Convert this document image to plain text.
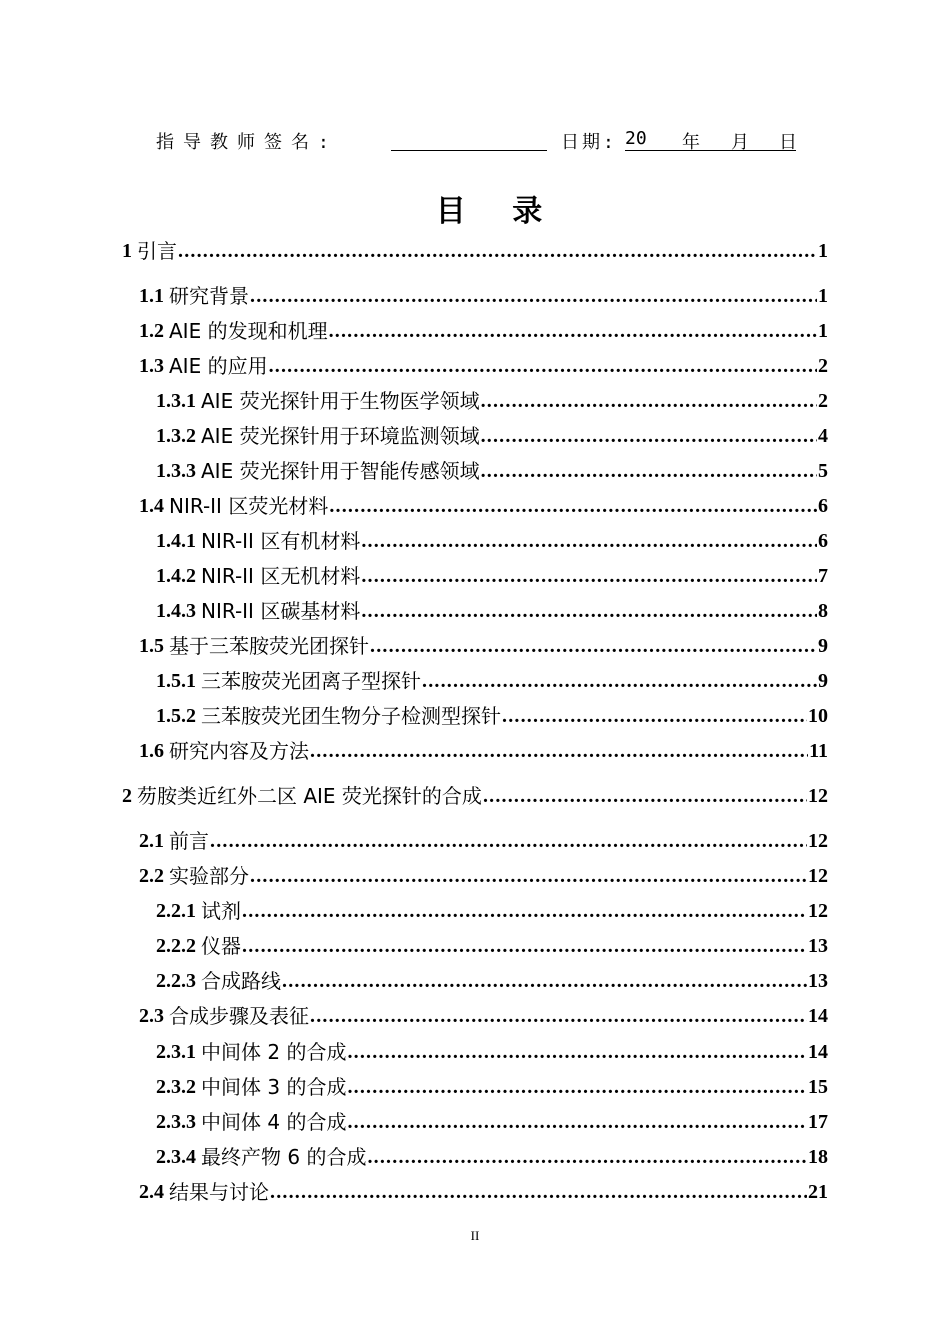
指导教师签名:	日期: 20 年 月 日
目 录
1 引言 .....	1
1.1 研究背景 .....	1
1.2 AIE 的发现和机理 .....	1
1.3 AIE 的应用 .....	2
1.3.1 AIE 荧光探针用于生物医学领域 .....	2
1.3.2 AIE 荧光探针用于环境监测领域 .....	4
1.3.3 AIE 荧光探针用于智能传感领域 .....	5
1.4 NIR-II 区荧光材料 .....	6
1.4.1 NIR-II 区有机材料 .....	6
1.4.2 NIR-II 区无机材料 .....	7
1.4.3 NIR-II 区碳基材料 .....	8
1.5 基于三苯胺荧光团探针 .....	9
1.5.1 三苯胺荧光团离子型探针 .....	9
1.5.2 三苯胺荧光团生物分子检测型探针 .....	10
1.6 研究内容及方法 .....	11
2 芴胺类近红外二区 AIE 荧光探针的合成 .....	12
2.1 前言 .....	12
2.2 实验部分 .....	12
2.2.1 试剂 .....	12
2.2.2 仪器 .....	13
2.2.3 合成路线 .....	13
2.3 合成步骤及表征 .....	14
2.3.1 中间体 2 的合成 .....	14
2.3.2 中间体 3 的合成 .....	15
2.3.3 中间体 4 的合成 .....	17
2.3.4 最终产物 6 的合成 .....	18
2.4 结果与讨论 .....	21
II
